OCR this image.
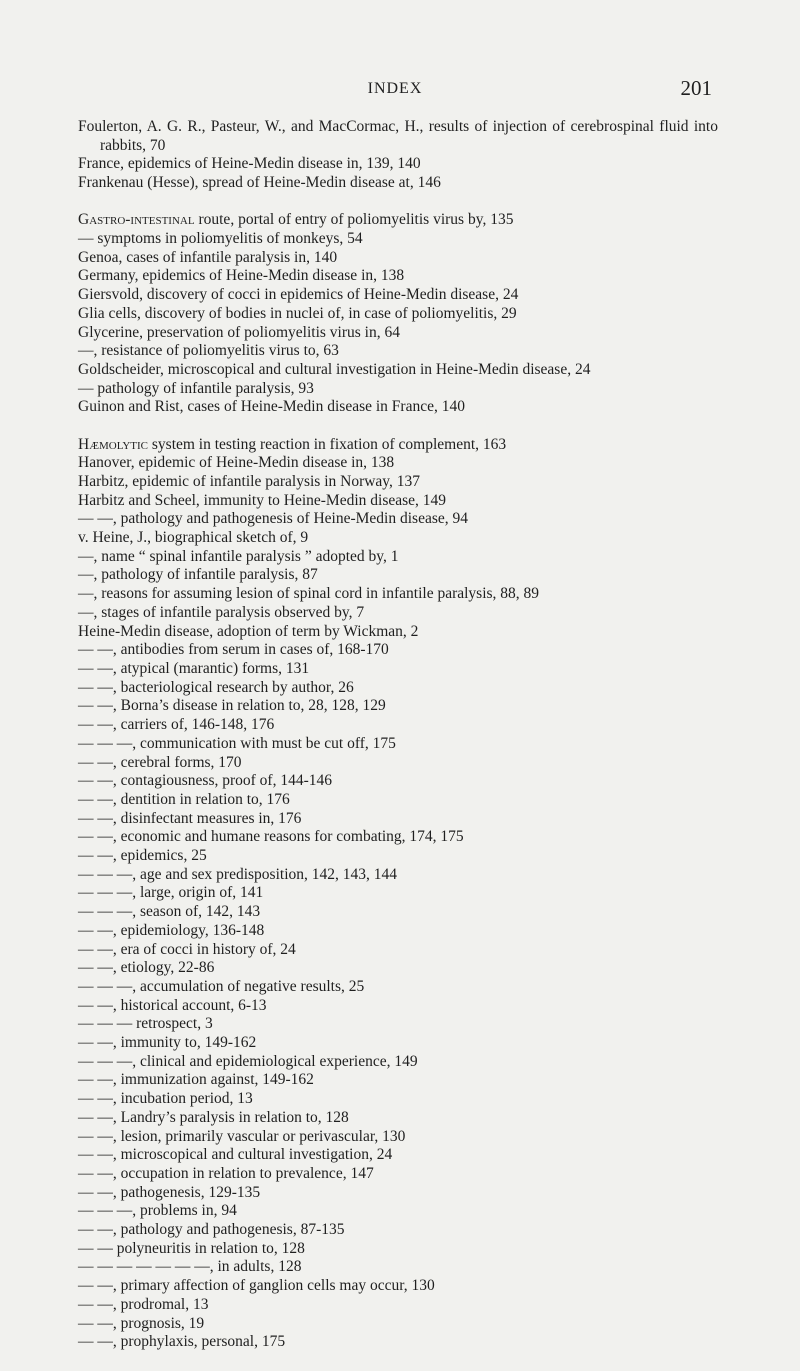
INDEX	201
Foulerton, A. G. R., Pasteur, W., and MacCormac, H., results of injection of cerebrospinal fluid into rabbits, 70
France, epidemics of Heine-Medin disease in, 139, 140
Frankenau (Hesse), spread of Heine-Medin disease at, 146
Gastro-intestinal route, portal of entry of poliomyelitis virus by, 135
— symptoms in poliomyelitis of monkeys, 54
Genoa, cases of infantile paralysis in, 140
Germany, epidemics of Heine-Medin disease in, 138
Giersvold, discovery of cocci in epidemics of Heine-Medin disease, 24
Glia cells, discovery of bodies in nuclei of, in case of poliomyelitis, 29
Glycerine, preservation of poliomyelitis virus in, 64
—, resistance of poliomyelitis virus to, 63
Goldscheider, microscopical and cultural investigation in Heine-Medin disease, 24
— pathology of infantile paralysis, 93
Guinon and Rist, cases of Heine-Medin disease in France, 140
Hæmolytic system in testing reaction in fixation of complement, 163
Hanover, epidemic of Heine-Medin disease in, 138
Harbitz, epidemic of infantile paralysis in Norway, 137
Harbitz and Scheel, immunity to Heine-Medin disease, 149
— —, pathology and pathogenesis of Heine-Medin disease, 94
v. Heine, J., biographical sketch of, 9
—, name “ spinal infantile paralysis ” adopted by, 1
—, pathology of infantile paralysis, 87
—, reasons for assuming lesion of spinal cord in infantile paralysis, 88, 89
—, stages of infantile paralysis observed by, 7
Heine-Medin disease, adoption of term by Wickman, 2
— —, antibodies from serum in cases of, 168-170
— —, atypical (marantic) forms, 131
— —, bacteriological research by author, 26
— —, Borna’s disease in relation to, 28, 128, 129
— —, carriers of, 146-148, 176
— — —, communication with must be cut off, 175
— —, cerebral forms, 170
— —, contagiousness, proof of, 144-146
— —, dentition in relation to, 176
— —, disinfectant measures in, 176
— —, economic and humane reasons for combating, 174, 175
— —, epidemics, 25
— — —, age and sex predisposition, 142, 143, 144
— — —, large, origin of, 141
— — —, season of, 142, 143
— —, epidemiology, 136-148
— —, era of cocci in history of, 24
— —, etiology, 22-86
— — —, accumulation of negative results, 25
— —, historical account, 6-13
— — — retrospect, 3
— —, immunity to, 149-162
— — —, clinical and epidemiological experience, 149
— —, immunization against, 149-162
— —, incubation period, 13
— —, Landry’s paralysis in relation to, 128
— —, lesion, primarily vascular or perivascular, 130
— —, microscopical and cultural investigation, 24
— —, occupation in relation to prevalence, 147
— —, pathogenesis, 129-135
— — —, problems in, 94
— —, pathology and pathogenesis, 87-135
— — polyneuritis in relation to, 128
— — — — — — —, in adults, 128
— —, primary affection of ganglion cells may occur, 130
— —, prodromal, 13
— —, prognosis, 19
— —, prophylaxis, personal, 175
